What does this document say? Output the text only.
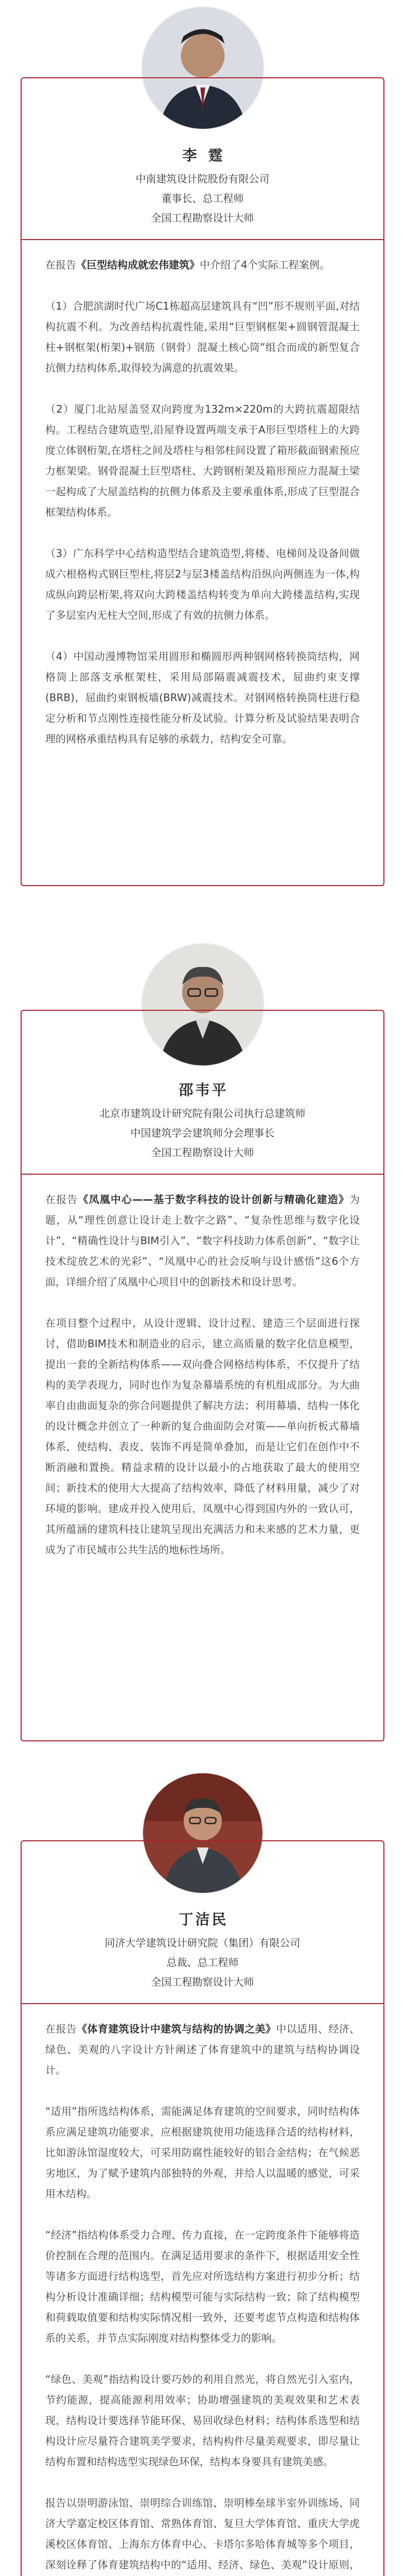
李霆
中南建筑设计院股份有限公司
董事长、总工程师
全国工程勘察设计大师

在报告《巨型结构成就宏伟建筑》中介绍了4个实际工程案例。

（1）合肥滨湖时代广场C1栋超高层建筑具有“凹”形不规则平面,对结构抗震不利。为改善结构抗震性能,采用“巨型钢框架+圆钢管混凝土柱+钢框架(桁架)+钢筋（钢骨）混凝土核心筒”组合而成的新型复合抗侧力结构体系,取得较为满意的抗震效果。

（2）厦门北站屋盖竖双向跨度为132m×220m的大跨抗震超限结构。工程结合建筑造型,沿屋脊设置两端支承于A形巨型塔柱上的大跨度立体钢桁架,在塔柱之间及塔柱与相邻柱间设置了箱形截面钢索预应力框架梁。钢骨混凝土巨型塔柱、大跨钢桁架及箱形预应力混凝土梁一起构成了大屋盖结构的抗侧力体系及主要承重体系,形成了巨型混合框架结构体系。

（3）广东科学中心结构造型结合建筑造型,将楼、电梯间及设备间做成六根格构式钢巨型柱,将层2与层3楼盖结构沿纵向两侧连为一体,构成纵向跨层桁架,将双向大跨楼盖结构转变为单向大跨楼盖结构,实现了多层室内无柱大空间,形成了有效的抗侧力体系。

（4）中国动漫博物馆采用圆形和椭圆形两种钢网格转换筒结构，网格筒上部落支承框架柱，采用局部隔震减震技术，屈曲约束支撑(BRB)，屈曲约束钢板墙(BRW)减震技术。对钢网格转换筒柱进行稳定分析和节点刚性连接性能分析及试验。计算分析及试验结果表明合理的网格承重结构具有足够的承载力，结构安全可靠。

邵韦平
北京市建筑设计研究院有限公司执行总建筑师
中国建筑学会建筑师分会理事长
全国工程勘察设计大师

在报告《凤凰中心——基于数字科技的设计创新与精确化建造》为题，从“理性创意让设计走上数字之路”、“复杂性思维与数字化设计”、“精确性设计与BIM引入”、“数字科技助力体系创新”、“数字让技术绽放艺术的光彩”、“凤凰中心的社会反响与设计感悟”这6个方面，详细介绍了凤凰中心项目中的创新技术和设计思考。

在项目整个过程中，从设计逻辑、设计过程、建造三个层面进行探讨，借助BIM技术和制造业的启示，建立高质量的数字化信息模型，提出一套的全新结构体系——双向叠合网格结构体系，不仅提升了结构的美学表现力，同时也作为复杂幕墙系统的有机组成部分。为大曲率自由曲面复杂的弥合问题提供了解决方法；利用幕墙、结构一体化的设计概念并创立了一种新的复合曲面防会对策——单向折板式幕墙体系，使结构、表皮、装饰不再是简单叠加，而是让它们在创作中不断消融和置换。精益求精的设计以最小的占地获取了最大的使用空间；新技术的使用大大提高了结构效率，降低了材料用量，减少了对环境的影响。建成并投入使用后，凤凰中心得到国内外的一致认可，其所蕴涵的建筑科技让建筑呈现出充满活力和未来感的艺术力量，更成为了市民城市公共生活的地标性场所。

丁洁民
同济大学建筑设计研究院（集团）有限公司
总裁、总工程师
全国工程勘察设计大师

在报告《体育建筑设计中建筑与结构的协调之美》中以适用、经济、绿色、美观的八字设计方针阐述了体育建筑中的建筑与结构协调设计。

“适用”指所选结构体系，需能满足体育建筑的空间要求，同时结构体系应满足建筑功能要求，应根据建筑使用功能选择合适的结构材料，比如游泳馆湿度较大，可采用防腐性能较好的铝合金结构；在气候恶劣地区，为了赋予建筑内部独特的外观，并给人以温暖的感觉，可采用木结构。

“经济”指结构体系受力合理、传力直接，在一定跨度条件下能够将造价控制在合理的范围内。在满足适用要求的条件下，根据适用安全性等诸多方面进行结构选型，首先应对所选结构方案进行初步分析；结构分析设计准确详细；结构模型可能与实际结构一致；除了结构模型和荷载取值要和结构实际情况相一致外，还要考虑节点构造和结构体系的关系，并节点实际刚度对结构整体受力的影响。

“绿色、美观”指结构设计要巧妙的利用自然光，将自然光引入室内，节约能源，提高能源利用效率；协助增强建筑的美观效果和艺术表现，结构设计要选择节能环保、易回收绿色材料；结构体系选型和结构设计应尽量符合建筑美学要求，结构构件尽量美观要求，即尽量让结构布置和结构选型实现绿色环保，结构本身要具有建筑美感。

报告以崇明游泳馆、崇明综合训练馆、崇明棒垒球半室外训练场、同济大学嘉定校区体育馆、常熟体育馆、复旦大学体育馆、重庆大学虎溪校区体育馆、上海东方体育中心、卡塔尔多哈体育城等多个项目，深刻诠释了体育建筑结构中的“适用、经济、绿色、美观”设计原则，
